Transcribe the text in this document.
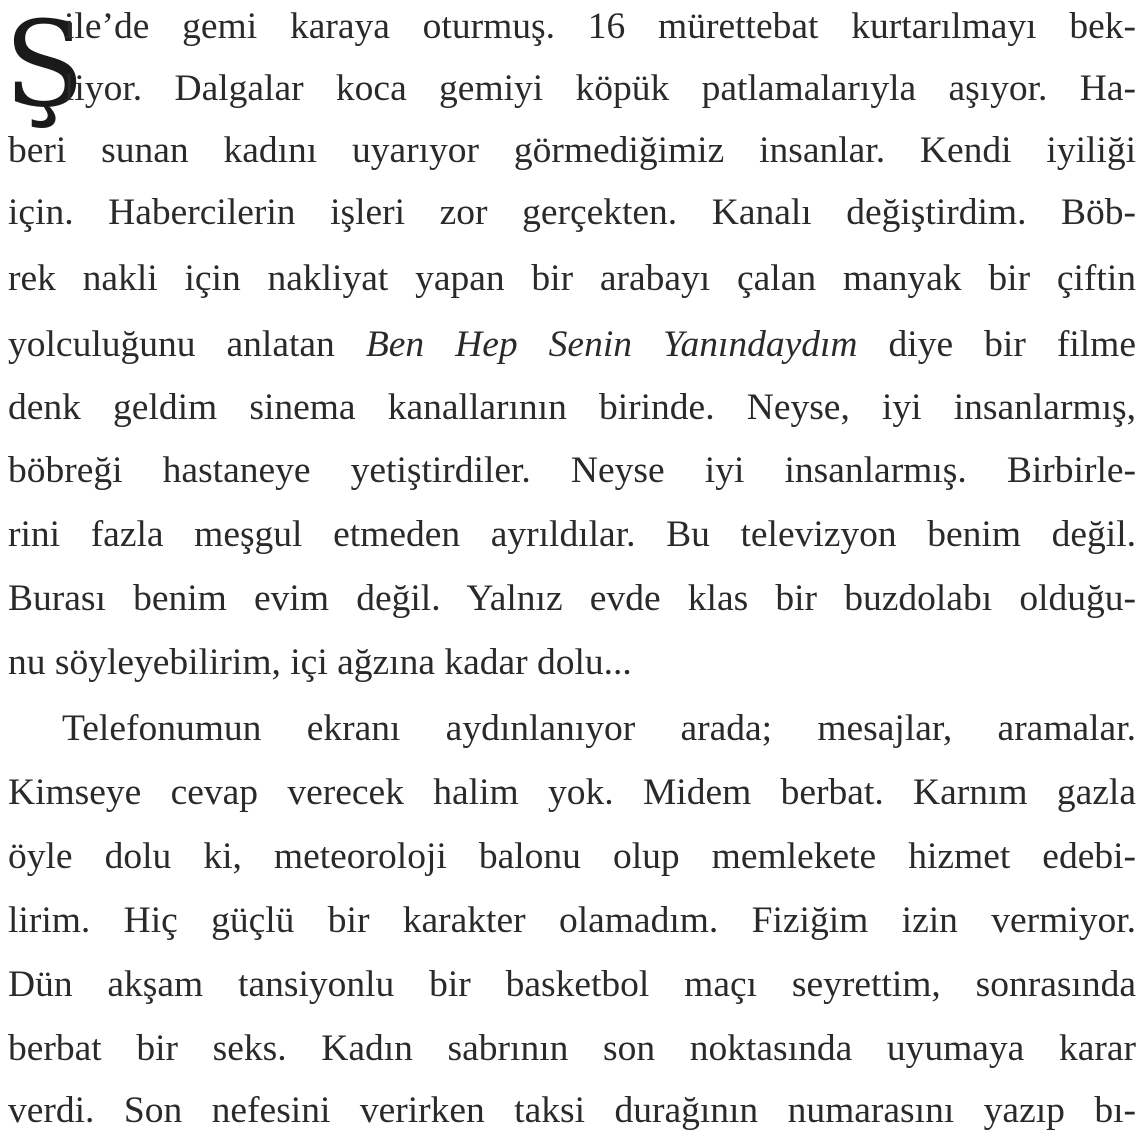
Ş
ile’de gemi karaya oturmuş. 16 mürettebat kurtarılmayı bek-
liyor. Dalgalar koca gemiyi köpük patlamalarıyla aşıyor. Ha-
beri sunan kadını uyarıyor görmediğimiz insanlar. Kendi iyiliği
için. Habercilerin işleri zor gerçekten. Kanalı değiştirdim. Böb-
rek nakli için nakliyat yapan bir arabayı çalan manyak bir çiftin
yolculuğunu anlatan Ben Hep Senin Yanındaydım diye bir filme
denk geldim sinema kanallarının birinde. Neyse, iyi insanlarmış,
böbreği hastaneye yetiştirdiler. Neyse iyi insanlarmış. Birbirle-
rini fazla meşgul etmeden ayrıldılar. Bu televizyon benim değil.
Burası benim evim değil. Yalnız evde klas bir buzdolabı olduğu-
nu söyleyebilirim, içi ağzına kadar dolu...
Telefonumun ekranı aydınlanıyor arada; mesajlar, aramalar.
Kimseye cevap verecek halim yok. Midem berbat. Karnım gazla
öyle dolu ki, meteoroloji balonu olup memlekete hizmet edebi-
lirim. Hiç güçlü bir karakter olamadım. Fiziğim izin vermiyor.
Dün akşam tansiyonlu bir basketbol maçı seyrettim, sonrasında
berbat bir seks. Kadın sabrının son noktasında uyumaya karar
verdi. Son nefesini verirken taksi durağının numarasını yazıp bı-
